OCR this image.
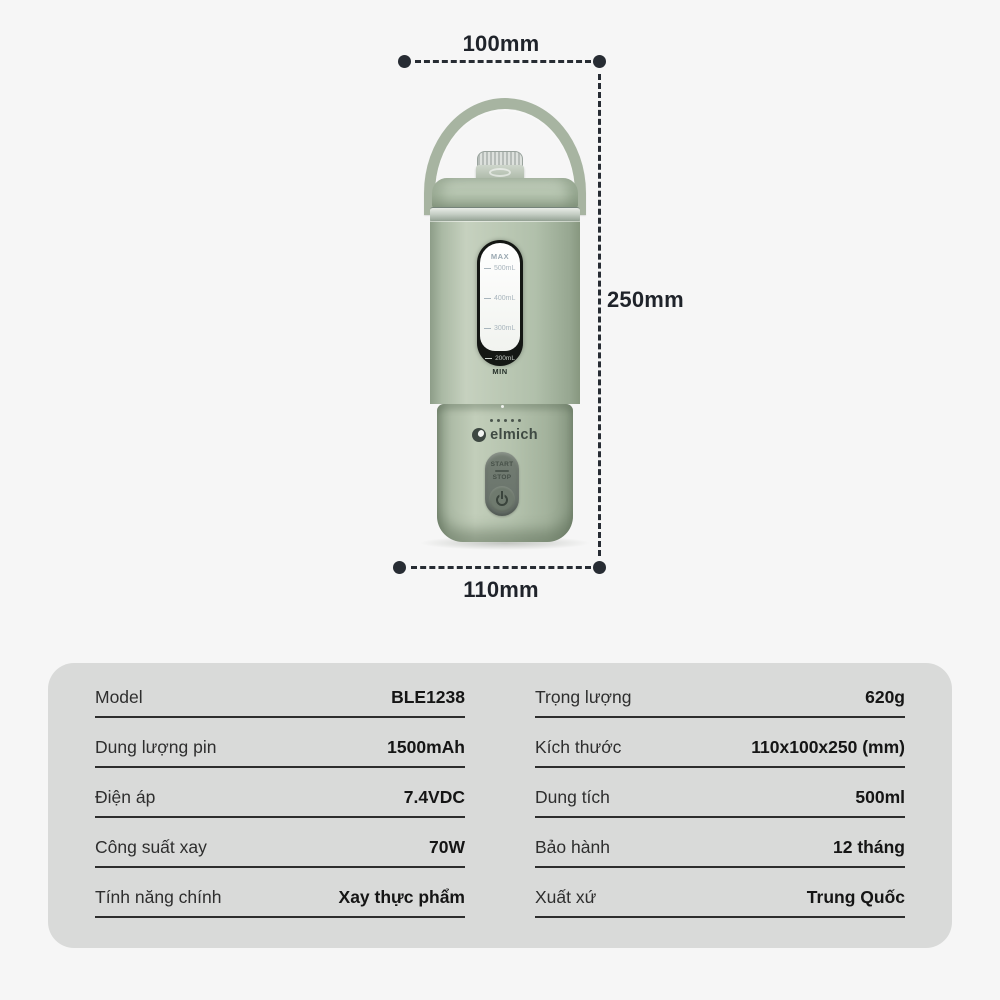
MAX
500mL
400mL
300mL
200mL
MIN
elmich
START
STOP
100mm
250mm
110mm
Model	BLE1238
Dung lượng pin	1500mAh
Điện áp	7.4VDC
Công suất xay	70W
Tính năng chính	Xay thực phẩm
Trọng lượng	620g
Kích thước	110x100x250 (mm)
Dung tích	500ml
Bảo hành	12 tháng
Xuất xứ	Trung Quốc
